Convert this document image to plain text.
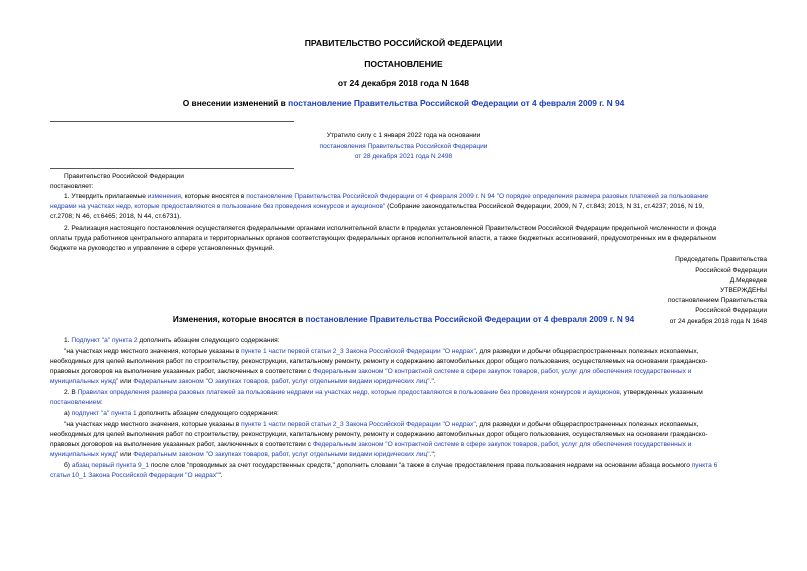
ПРАВИТЕЛЬСТВО РОССИЙСКОЙ ФЕДЕРАЦИИ
ПОСТАНОВЛЕНИЕ
от 24 декабря 2018 года N 1648
О внесении изменений в постановление Правительства Российской Федерации от 4 февраля 2009 г. N 94
Утратило силу с 1 января 2022 года на основании
постановления Правительства Российской Федерации
от 28 декабря 2021 года N 2498
Правительство Российской Федерации
постановляет:
1. Утвердить прилагаемые изменения, которые вносятся в постановление Правительства Российской Федерации от 4 февраля 2009 г. N 94 "О порядке определения размера разовых платежей за пользование
недрами на участках недр, которые предоставляются в пользование без проведения конкурсов и аукционов" (Собрание законодательства Российской Федерации, 2009, N 7, ст.843; 2013, N 31, ст.4237; 2016, N 19,
ст.2708; N 46, ст.6465; 2018, N 44, ст.6731).
2. Реализация настоящего постановления осуществляется федеральными органами исполнительной власти в пределах установленной Правительством Российской Федерации предельной численности и фонда
оплаты труда работников центрального аппарата и территориальных органов соответствующих федеральных органов исполнительной власти, а также бюджетных ассигнований, предусмотренных им в федеральном
бюджете на руководство и управление в сфере установленных функций.
Председатель Правительства
Российской Федерации
Д.Медведев
УТВЕРЖДЕНЫ
постановлением Правительства
Российской Федерации
Изменения, которые вносятся в постановление Правительства Российской Федерации от 4 февраля 2009 г. N 94	от 24 декабря 2018 года N 1648
1. Подпункт "а" пункта 2 дополнить абзацем следующего содержания:
"на участках недр местного значения, которые указаны в пункте 1 части первой статьи 2_3 Закона Российской Федерации "О недрах", для разведки и добычи общераспространенных полезных ископаемых,
необходимых для целей выполнения работ по строительству, реконструкции, капитальному ремонту, ремонту и содержанию автомобильных дорог общего пользования, осуществляемых на основании гражданско-
правовых договоров на выполнение указанных работ, заключенных в соответствии с Федеральным законом "О контрактной системе в сфере закупок товаров, работ, услуг для обеспечения государственных и
муниципальных нужд" или Федеральным законом "О закупках товаров, работ, услуг отдельными видами юридических лиц".".
2. В Правилах определения размера разовых платежей за пользование недрами на участках недр, которые предоставляются в пользование без проведения конкурсов и аукционов, утвержденных указанным
постановлением:
а) подпункт "а" пункта 1 дополнить абзацем следующего содержания:
"на участках недр местного значения, которые указаны в пункте 1 части первой статьи 2_3 Закона Российской Федерации "О недрах", для разведки и добычи общераспространенных полезных ископаемых,
необходимых для целей выполнения работ по строительству, реконструкции, капитальному ремонту, ремонту и содержанию автомобильных дорог общего пользования, осуществляемых на основании гражданско-
правовых договоров на выполнение указанных работ, заключенных в соответствии с Федеральным законом "О контрактной системе в сфере закупок товаров, работ, услуг для обеспечения государственных и
муниципальных нужд" или Федеральным законом "О закупках товаров, работ, услуг отдельными видами юридических лиц".";
б) абзац первый пункта 9_1 после слов "проводимых за счет государственных средств," дополнить словами "а также в случае предоставления права пользования недрами на основании абзаца восьмого пункта 6
статьи 10_1 Закона Российской Федерации "О недрах"".
